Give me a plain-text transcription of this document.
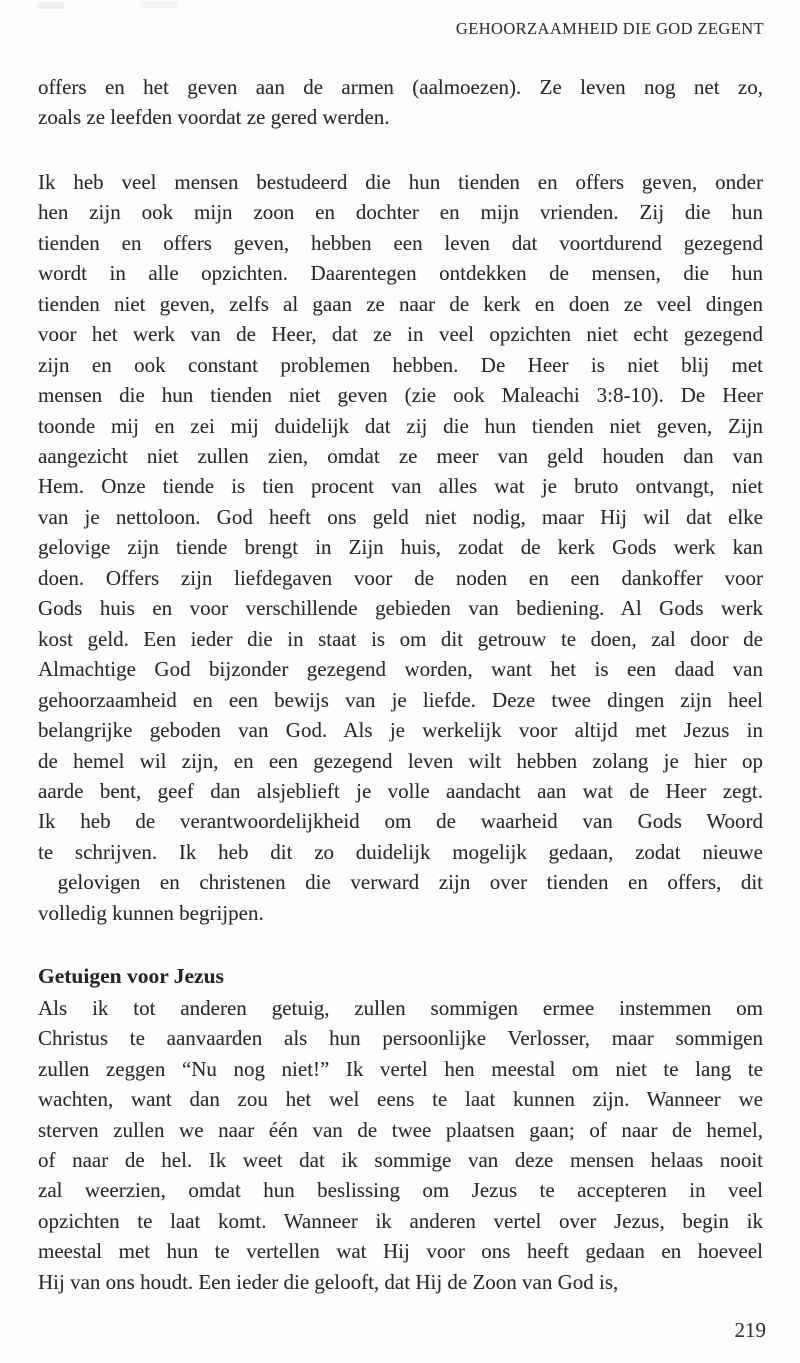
GEHOORZAAMHEID DIE GOD ZEGENT
offers en het geven aan de armen (aalmoezen). Ze leven nog net zo,
zoals ze leefden voordat ze gered werden.
Ik heb veel mensen bestudeerd die hun tienden en offers geven, onder
hen zijn ook mijn zoon en dochter en mijn vrienden. Zij die hun
tienden en offers geven, hebben een leven dat voortdurend gezegend
wordt in alle opzichten. Daarentegen ontdekken de mensen, die hun
tienden niet geven, zelfs al gaan ze naar de kerk en doen ze veel dingen
voor het werk van de Heer, dat ze in veel opzichten niet echt gezegend
zijn en ook constant problemen hebben. De Heer is niet blij met
mensen die hun tienden niet geven (zie ook Maleachi 3:8-10). De Heer
toonde mij en zei mij duidelijk dat zij die hun tienden niet geven, Zijn
aangezicht niet zullen zien, omdat ze meer van geld houden dan van
Hem. Onze tiende is tien procent van alles wat je bruto ontvangt, niet
van je nettoloon. God heeft ons geld niet nodig, maar Hij wil dat elke
gelovige zijn tiende brengt in Zijn huis, zodat de kerk Gods werk kan
doen. Offers zijn liefdegaven voor de noden en een dankoffer voor
Gods huis en voor verschillende gebieden van bediening. Al Gods werk
kost geld. Een ieder die in staat is om dit getrouw te doen, zal door de
Almachtige God bijzonder gezegend worden, want het is een daad van
gehoorzaamheid en een bewijs van je liefde. Deze twee dingen zijn heel
belangrijke geboden van God. Als je werkelijk voor altijd met Jezus in
de hemel wil zijn, en een gezegend leven wilt hebben zolang je hier op
aarde bent, geef dan alsjeblieft je volle aandacht aan wat de Heer zegt.
Ik heb de verantwoordelijkheid om de waarheid van Gods Woord
te schrijven. Ik heb dit zo duidelijk mogelijk gedaan, zodat nieuwe
gelovigen en christenen die verward zijn over tienden en offers, dit
volledig kunnen begrijpen.
Getuigen voor Jezus
Als ik tot anderen getuig, zullen sommigen ermee instemmen om
Christus te aanvaarden als hun persoonlijke Verlosser, maar sommigen
zullen zeggen “Nu nog niet!” Ik vertel hen meestal om niet te lang te
wachten, want dan zou het wel eens te laat kunnen zijn. Wanneer we
sterven zullen we naar één van de twee plaatsen gaan; of naar de hemel,
of naar de hel. Ik weet dat ik sommige van deze mensen helaas nooit
zal weerzien, omdat hun beslissing om Jezus te accepteren in veel
opzichten te laat komt. Wanneer ik anderen vertel over Jezus, begin ik
meestal met hun te vertellen wat Hij voor ons heeft gedaan en hoeveel
Hij van ons houdt. Een ieder die gelooft, dat Hij de Zoon van God is,
219
